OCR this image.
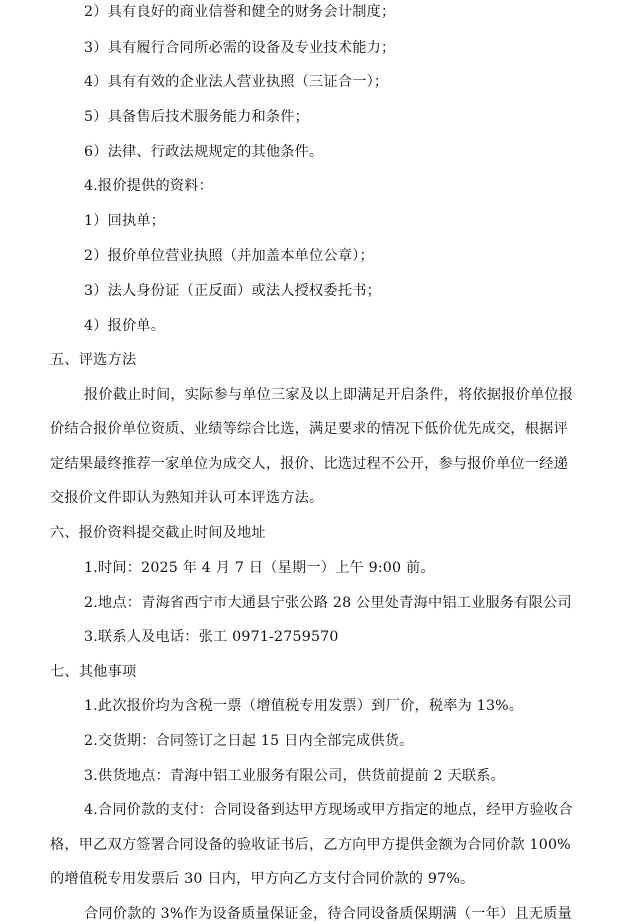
2）具有良好的商业信誉和健全的财务会计制度；
3）具有履行合同所必需的设备及专业技术能力；
4）具有有效的企业法人营业执照（三证合一）；
5）具备售后技术服务能力和条件；
6）法律、行政法规规定的其他条件。
4.报价提供的资料：
1）回执单；
2）报价单位营业执照（并加盖本单位公章）；
3）法人身份证（正反面）或法人授权委托书；
4）报价单。
五、评选方法
报价截止时间，实际参与单位三家及以上即满足开启条件，将依据报价单位报
价结合报价单位资质、业绩等综合比选，满足要求的情况下低价优先成交，根据评
定结果最终推荐一家单位为成交人，报价、比选过程不公开，参与报价单位一经递
交报价文件即认为熟知并认可本评选方法。
六、报价资料提交截止时间及地址
1.时间：2025 年 4 月 7 日（星期一）上午 9:00 前。
2.地点：青海省西宁市大通县宁张公路 28 公里处青海中铝工业服务有限公司
3.联系人及电话：张工 0971-2759570
七、其他事项
1.此次报价均为含税一票（增值税专用发票）到厂价，税率为 13%。
2.交货期：合同签订之日起 15 日内全部完成供货。
3.供货地点：青海中铝工业服务有限公司，供货前提前 2 天联系。
4.合同价款的支付：合同设备到达甲方现场或甲方指定的地点，经甲方验收合
格，甲乙双方签署合同设备的验收证书后，乙方向甲方提供金额为合同价款 100%
的增值税专用发票后 30 日内，甲方向乙方支付合同价款的 97%。
合同价款的 3%作为设备质量保证金，待合同设备质保期满（一年）且无质量
